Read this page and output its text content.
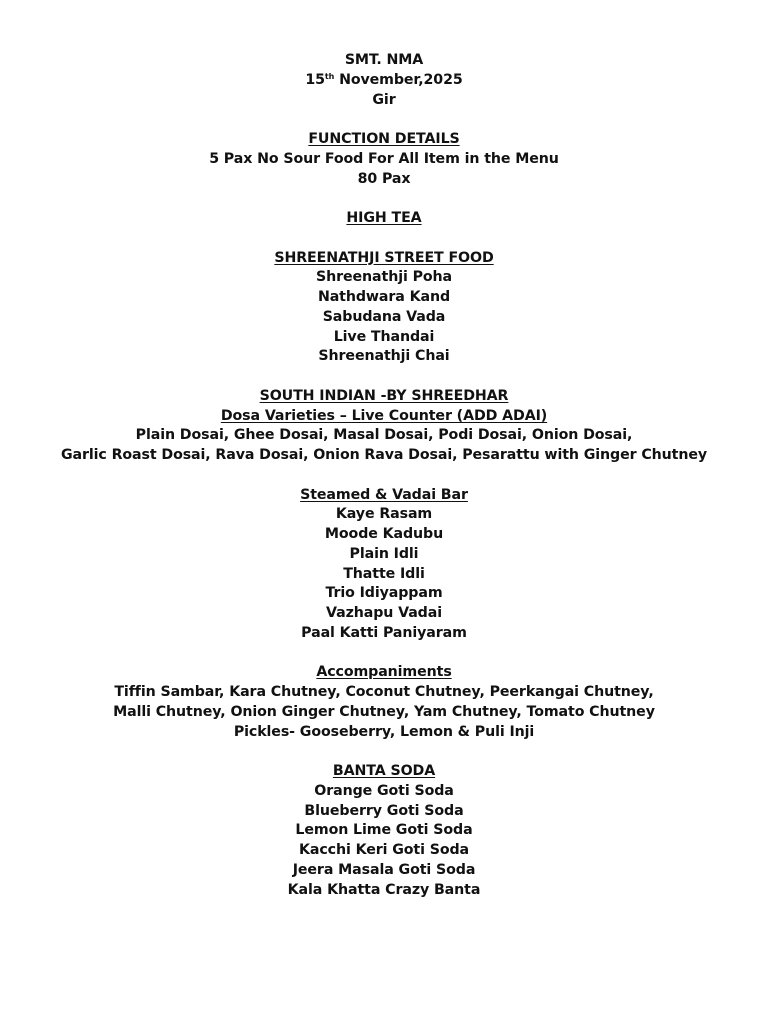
SMT. NMA
15th November,2025
Gir
FUNCTION DETAILS
5 Pax No Sour Food For All Item in the Menu
80 Pax
HIGH TEA
SHREENATHJI STREET FOOD
Shreenathji Poha
Nathdwara Kand
Sabudana Vada
Live Thandai
Shreenathji Chai
SOUTH INDIAN -BY SHREEDHAR
Dosa Varieties – Live Counter (ADD ADAI)
Plain Dosai, Ghee Dosai, Masal Dosai, Podi Dosai, Onion Dosai,
Garlic Roast Dosai, Rava Dosai, Onion Rava Dosai, Pesarattu with Ginger Chutney
Steamed & Vadai Bar
Kaye Rasam
Moode Kadubu
Plain Idli
Thatte Idli
Trio Idiyappam
Vazhapu Vadai
Paal Katti Paniyaram
Accompaniments
Tiffin Sambar, Kara Chutney, Coconut Chutney, Peerkangai Chutney,
Malli Chutney, Onion Ginger Chutney, Yam Chutney, Tomato Chutney
Pickles- Gooseberry, Lemon & Puli Inji
BANTA SODA
Orange Goti Soda
Blueberry Goti Soda
Lemon Lime Goti Soda
Kacchi Keri Goti Soda
Jeera Masala Goti Soda
Kala Khatta Crazy Banta
